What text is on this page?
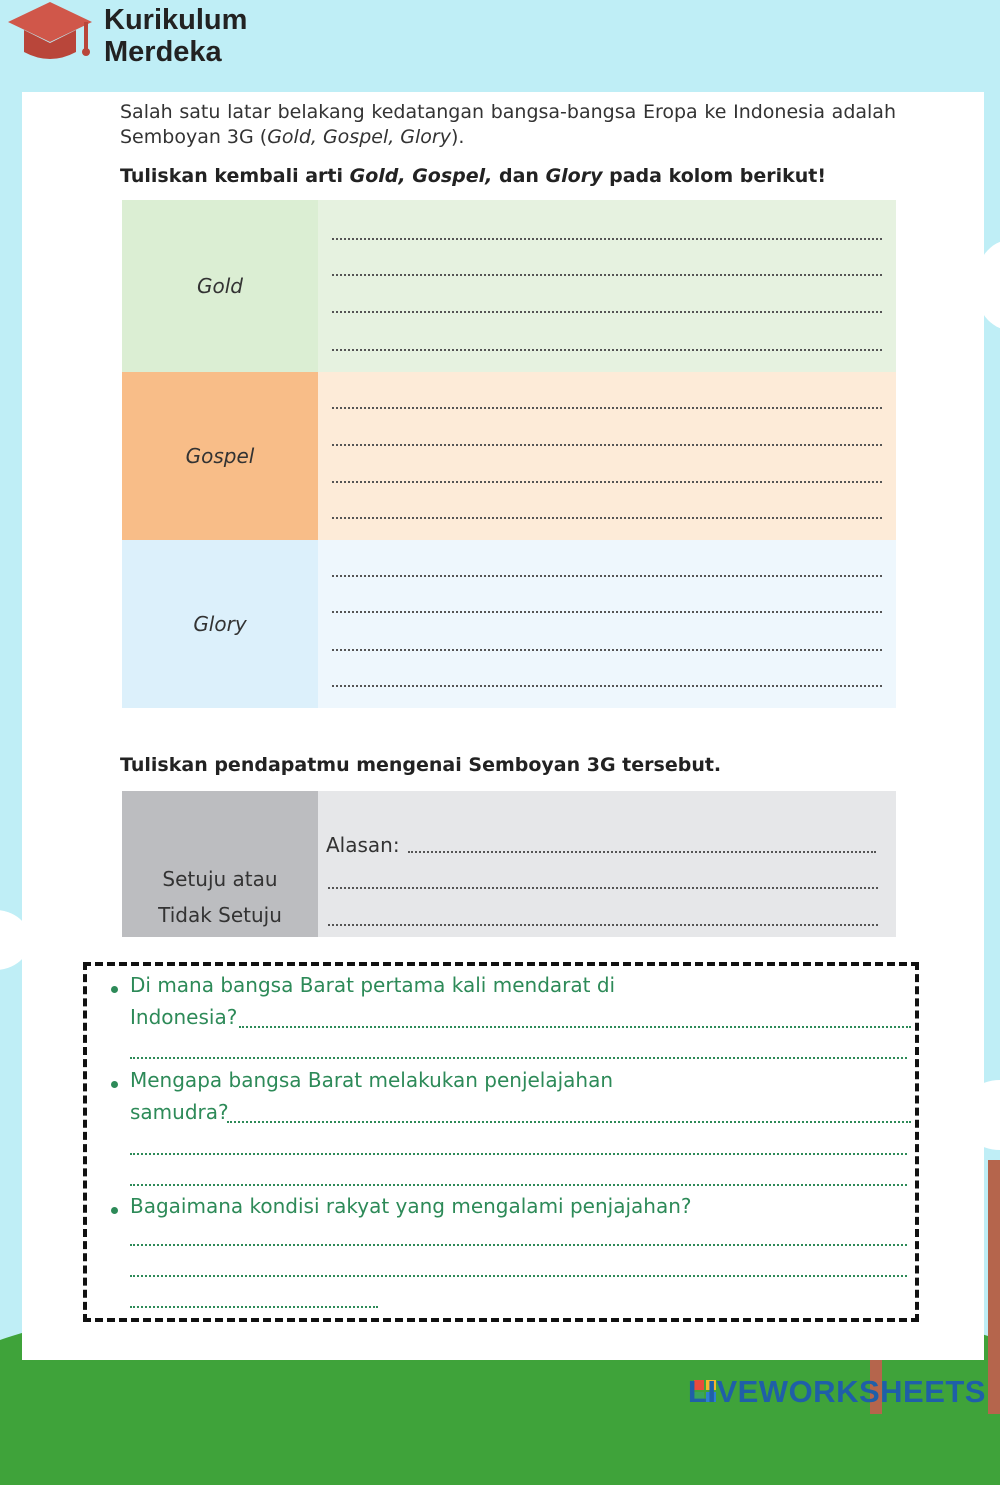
Kurikulum
Merdeka
Salah satu latar belakang kedatangan bangsa-bangsa Eropa ke Indonesia adalah Semboyan 3G (Gold, Gospel, Glory).
Tuliskan kembali arti Gold, Gospel, dan Glory pada kolom berikut!
Gold
Gospel
Glory
Tuliskan pendapatmu mengenai Semboyan 3G tersebut.
Setuju atau
Tidak Setuju
Alasan:
Di mana bangsa Barat pertama kali mendarat di
Indonesia?
Mengapa bangsa Barat melakukan penjelajahan
samudra?
Bagaimana kondisi rakyat yang mengalami penjajahan?
LIVEWORKSHEETS
